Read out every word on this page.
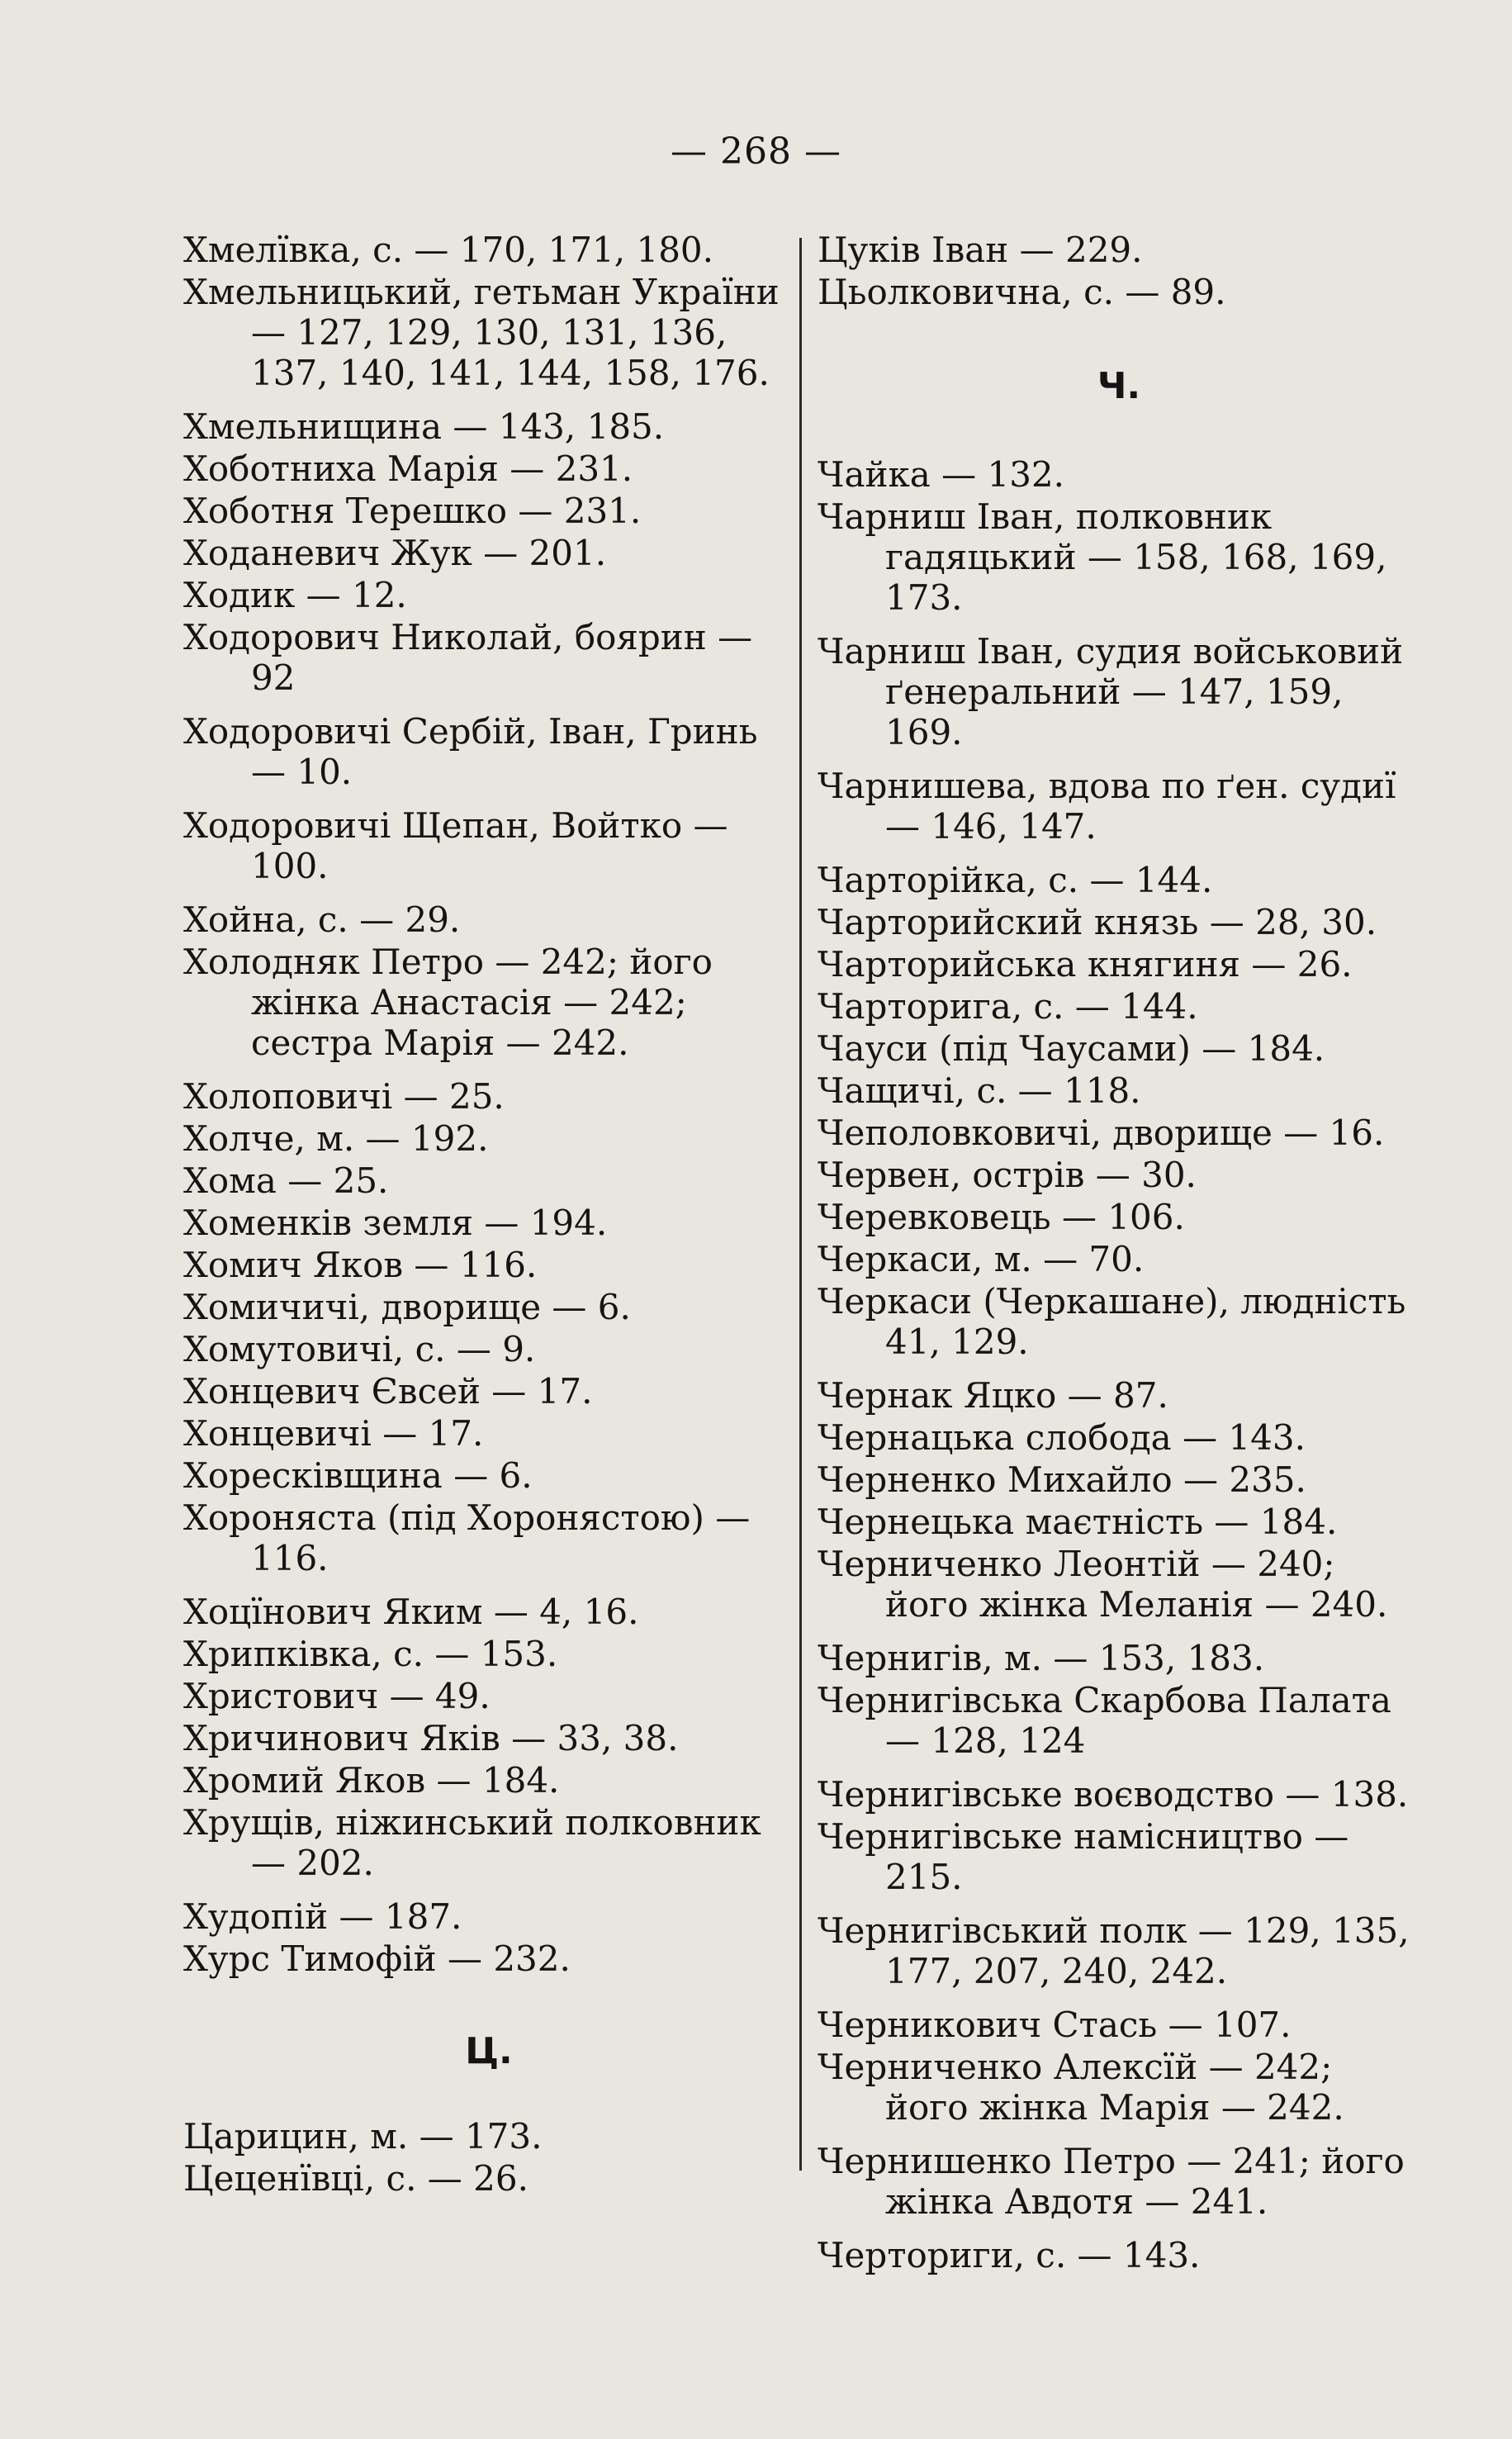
— 268 —
Хмелївка, с. — 170, 171, 180.
Хмельницький, гетьман України — 127, 129, 130, 131, 136, 137, 140, 141, 144, 158, 176.
Хмельнищина — 143, 185.
Хоботниха Марія — 231.
Хоботня Терешко — 231.
Ходаневич Жук — 201.
Ходик — 12.
Ходорович Николай, боярин — 92
Ходоровичі Сербій, Іван, Гринь — 10.
Ходоровичі Щепан, Войтко — 100.
Хойна, с. — 29.
Холодняк Петро — 242; його жінка Анастасія — 242; сестра Марія — 242.
Холоповичі — 25.
Холче, м. — 192.
Хома — 25.
Хоменків земля — 194.
Хомич Яков — 116.
Хомичичі, дворище — 6.
Хомутовичі, с. — 9.
Хонцевич Євсей — 17.
Хонцевичі — 17.
Хоресківщина — 6.
Хороняста (під Хоронястою) — 116.
Хоцїнович Яким — 4, 16.
Хрипківка, с. — 153.
Христович — 49.
Хричинович Яків — 33, 38.
Хромий Яков — 184.
Хрущів, ніжинський полковник — 202.
Худопій — 187.
Хурс Тимофій — 232.
Ц.
Царицин, м. — 173.
Цеценївці, с. — 26.
Цуків Іван — 229.
Цьолковична, с. — 89.
Ч.
Чайка — 132.
Чарниш Іван, полковник гадяцький — 158, 168, 169, 173.
Чарниш Іван, судия войськовий ґенеральний — 147, 159, 169.
Чарнишева, вдова по ґен. судиї — 146, 147.
Чарторійка, с. — 144.
Чарторийский князь — 28, 30.
Чарторийська княгиня — 26.
Чарторига, с. — 144.
Чауси (під Чаусами) — 184.
Чащичі, с. — 118.
Чеполовковичі, дворище — 16.
Червен, острів — 30.
Черевковець — 106.
Черкаси, м. — 70.
Черкаси (Черкашане), людність 41, 129.
Чернак Яцко — 87.
Чернацька слобода — 143.
Черненко Михайло — 235.
Чернецька маєтність — 184.
Черниченко Леонтій — 240; його жінка Меланія — 240.
Чернигів, м. — 153, 183.
Чернигівська Скарбова Палата — 128, 124
Чернигівське воєводство — 138.
Чернигівське намісництво — 215.
Чернигівський полк — 129, 135, 177, 207, 240, 242.
Черникович Стась — 107.
Черниченко Алексїй — 242; його жінка Марія — 242.
Чернишенко Петро — 241; його жінка Авдотя — 241.
Черториги, с. — 143.
